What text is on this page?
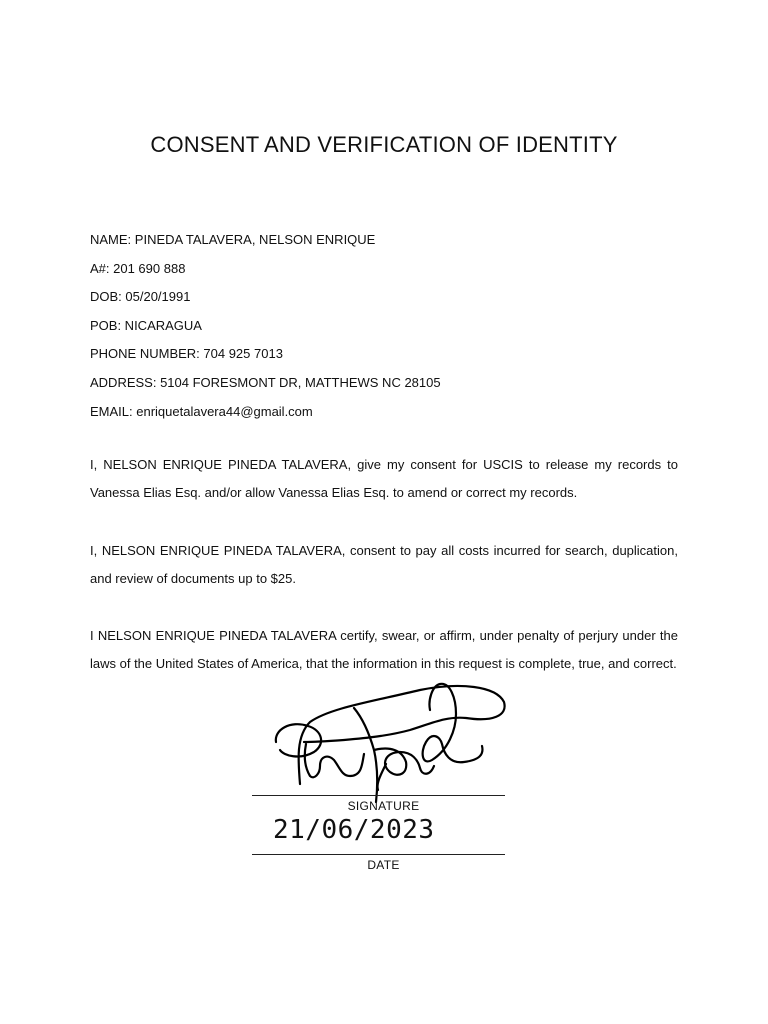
CONSENT AND VERIFICATION OF IDENTITY
NAME: PINEDA TALAVERA, NELSON ENRIQUE
A#: 201 690 888
DOB: 05/20/1991
POB: NICARAGUA
PHONE NUMBER: 704 925 7013
ADDRESS: 5104 FORESMONT DR, MATTHEWS NC 28105
EMAIL: enriquetalavera44@gmail.com

I, NELSON ENRIQUE PINEDA TALAVERA, give my consent for USCIS to release my records to Vanessa Elias Esq. and/or allow Vanessa Elias Esq. to amend or correct my records.

I, NELSON ENRIQUE PINEDA TALAVERA, consent to pay all costs incurred for search, duplication, and review of documents up to $25.

I NELSON ENRIQUE PINEDA TALAVERA certify, swear, or affirm, under penalty of perjury under the laws of the United States of America, that the information in this request is complete, true, and correct.

SIGNATURE
21/06/2023
DATE
